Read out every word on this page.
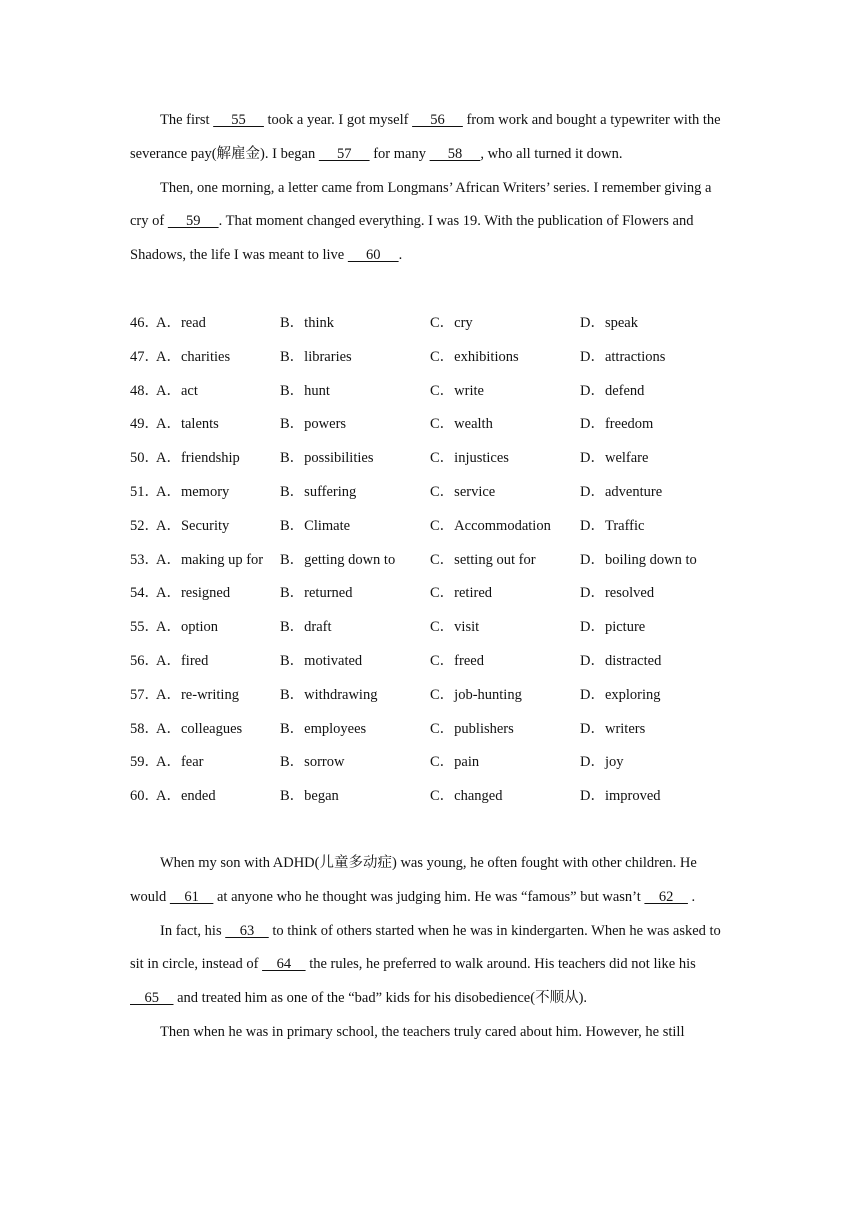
The first      55      took a year. I got myself      56      from work and bought a typewriter with the severance pay(解雇金). I began      57      for many      58     , who all turned it down.

Then, one morning, a letter came from Longmans’ African Writers’ series. I remember giving a cry of      59     . That moment changed everything. I was 19. With the publication of Flowers and Shadows, the life I was meant to live      60     .

46．
A．read	B．think	C．cry	D．speak
47．
A．charities	B．libraries	C．exhibitions	D．attractions
48．
A．act	B．hunt	C．write	D．defend
49．
A．talents	B．powers	C．wealth	D．freedom
50．
A．friendship	B．possibilities	C．injustices	D．welfare
51．
A．memory	B．suffering	C．service	D．adventure
52．
A．Security	B．Climate	C．Accommodation D．Traffic
53．
A．making up for B．getting down to C．setting out for	D．boiling down to
54．
A．resigned	B．returned	C．retired	D．resolved
55．
A．option	B．draft	C．visit	D．picture
56．
A．fired	B．motivated	C．freed	D．distracted
57．
A．re-writing	B．withdrawing	C．job-hunting	D．exploring
58．
A．colleagues	B．employees	C．publishers	D．writers
59．
A．fear	B．sorrow	C．pain	D．joy
60．
A．ended	B．began	C．changed	D．improved

When my son with ADHD(儿童多动症) was young, he often fought with other children. He would     61     at anyone who he thought was judging him. He was “famous” but wasn’t     62     .

In fact, his     63     to think of others started when he was in kindergarten. When he was asked to sit in circle, instead of     64     the rules, he preferred to walk around. His teachers did not like his     65     and treated him as one of the “bad” kids for his disobedience(不顺从).

Then when he was in primary school, the teachers truly cared about him. However, he still
